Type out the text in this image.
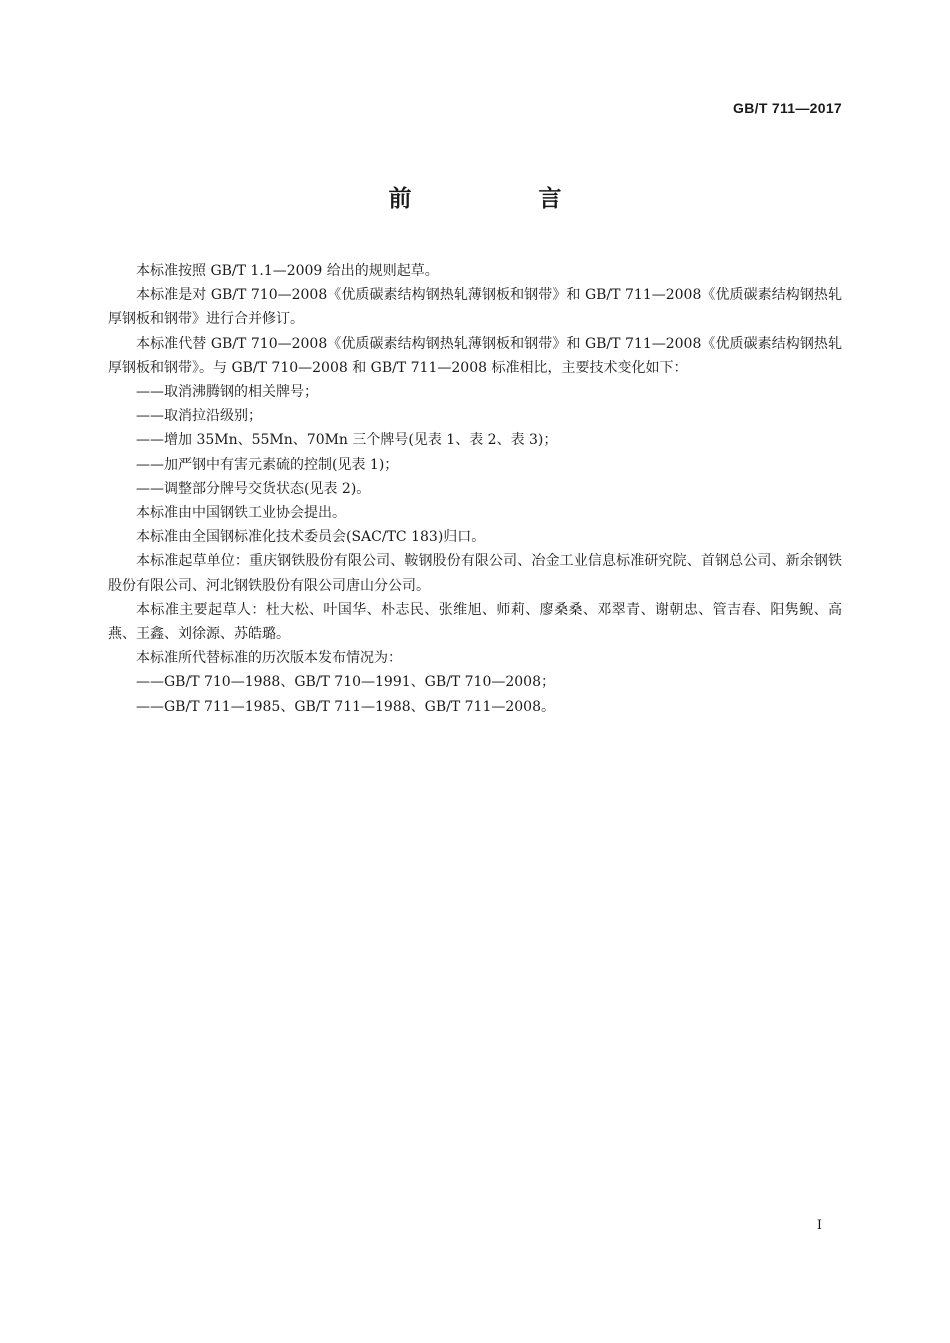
GB/T 711—2017
前　言

本标准按照 GB/T 1.1—2009 给出的规则起草。

本标准是对 GB/T 710—2008《优质碳素结构钢热轧薄钢板和钢带》和 GB/T 711—2008《优质碳素结构钢热轧厚钢板和钢带》进行合并修订。

本标准代替 GB/T 710—2008《优质碳素结构钢热轧薄钢板和钢带》和 GB/T 711—2008《优质碳素结构钢热轧厚钢板和钢带》。与 GB/T 710—2008 和 GB/T 711—2008 标准相比，主要技术变化如下：

——取消沸腾钢的相关牌号；

——取消拉沿级别；

——增加 35Mn、55Mn、70Mn 三个牌号(见表 1、表 2、表 3)；

——加严钢中有害元素硫的控制(见表 1)；

——调整部分牌号交货状态(见表 2)。

本标准由中国钢铁工业协会提出。

本标准由全国钢标准化技术委员会(SAC/TC 183)归口。

本标准起草单位：重庆钢铁股份有限公司、鞍钢股份有限公司、冶金工业信息标准研究院、首钢总公司、新余钢铁股份有限公司、河北钢铁股份有限公司唐山分公司。

本标准主要起草人：杜大松、叶国华、朴志民、张维旭、师莉、廖桑桑、邓翠青、谢朝忠、管吉春、阳隽鲵、高燕、王鑫、刘徐源、苏皓璐。

本标准所代替标准的历次版本发布情况为：

——GB/T 710—1988、GB/T 710—1991、GB/T 710—2008；

——GB/T 711—1985、GB/T 711—1988、GB/T 711—2008。

Ⅰ
